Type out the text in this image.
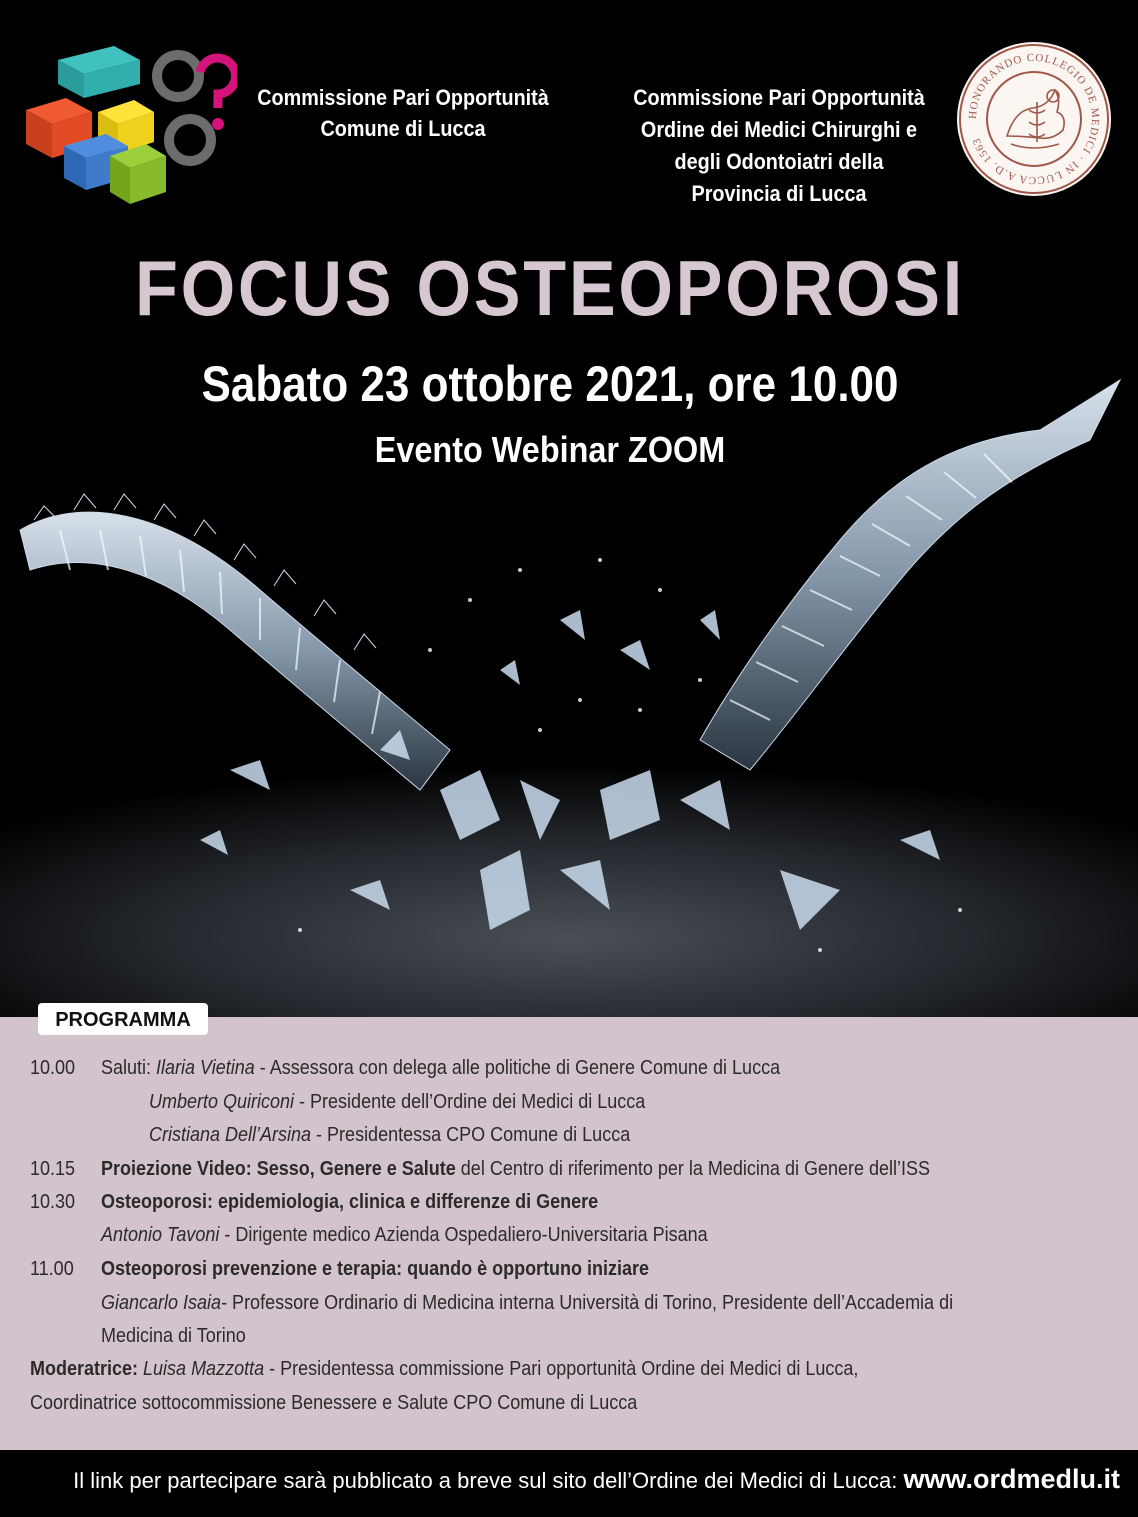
Commissione Pari Opportunità
Comune di Lucca
Commissione Pari Opportunità
Ordine dei Medici Chirurghi e
degli Odontoiatri della
Provincia di Lucca
HONORANDO COLLEGIO DE MEDICI · IN LUCCA A.D. 1563
FOCUS OSTEOPOROSI
Sabato 23 ottobre 2021, ore 10.00
Evento Webinar ZOOM
PROGRAMMA
10.00 Saluti: Ilaria Vietina - Assessora con delega alle politiche di Genere Comune di Lucca
Umberto Quiriconi - Presidente dell’Ordine dei Medici di Lucca
Cristiana Dell’Arsina - Presidentessa CPO Comune di Lucca
10.15 Proiezione Video: Sesso, Genere e Salute del Centro di riferimento per la Medicina di Genere dell’ISS
10.30 Osteoporosi: epidemiologia, clinica e differenze di Genere
Antonio Tavoni - Dirigente medico Azienda Ospedaliero-Universitaria Pisana
11.00 Osteoporosi prevenzione e terapia: quando è opportuno iniziare
Giancarlo Isaia- Professore Ordinario di Medicina interna Università di Torino, Presidente dell’Accademia di
Medicina di Torino
Moderatrice: Luisa Mazzotta - Presidentessa commissione Pari opportunità Ordine dei Medici di Lucca,
Coordinatrice sottocommissione Benessere e Salute CPO Comune di Lucca
Il link per partecipare sarà pubblicato a breve sul sito dell’Ordine dei Medici di Lucca: www.ordmedlu.it
